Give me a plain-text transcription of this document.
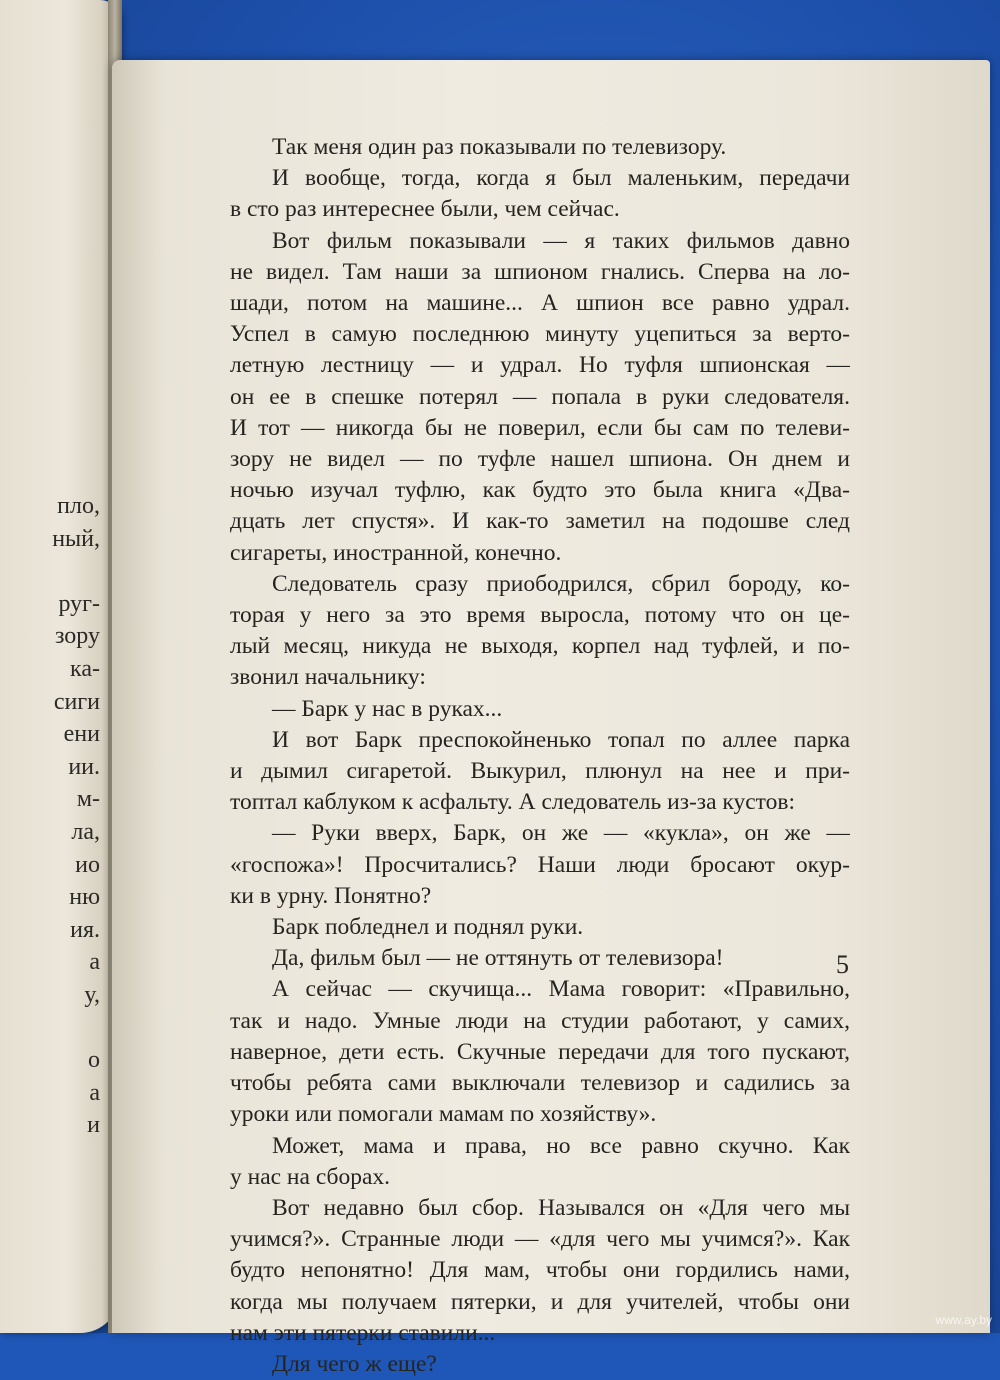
пло,
ный,

руг-
зору
ка-
сиги
ени
ии.
м-
ла,
ио
ню
ия.
а
у,

о
а
и
Так меня один раз показывали по телевизору.
И вообще, тогда, когда я был маленьким, передачи
в сто раз интереснее были, чем сейчас.
Вот фильм показывали — я таких фильмов давно
не видел. Там наши за шпионом гнались. Сперва на ло-
шади, потом на машине... А шпион все равно удрал.
Успел в самую последнюю минуту уцепиться за верто-
летную лестницу — и удрал. Но туфля шпионская —
он ее в спешке потерял — попала в руки следователя.
И тот — никогда бы не поверил, если бы сам по телеви-
зору не видел — по туфле нашел шпиона. Он днем и
ночью изучал туфлю, как будто это была книга «Два-
дцать лет спустя». И как-то заметил на подошве след
сигареты, иностранной, конечно.
Следователь сразу приободрился, сбрил бороду, ко-
торая у него за это время выросла, потому что он це-
лый месяц, никуда не выходя, корпел над туфлей, и по-
звонил начальнику:
— Барк у нас в руках...
И вот Барк преспокойненько топал по аллее парка
и дымил сигаретой. Выкурил, плюнул на нее и при-
топтал каблуком к асфальту. А следователь из-за кустов:
— Руки вверх, Барк, он же — «кукла», он же —
«госпожа»! Просчитались? Наши люди бросают окур-
ки в урну. Понятно?
Барк побледнел и поднял руки.
Да, фильм был — не оттянуть от телевизора!
А сейчас — скучища... Мама говорит: «Правильно,
так и надо. Умные люди на студии работают, у самих,
наверное, дети есть. Скучные передачи для того пускают,
чтобы ребята сами выключали телевизор и садились за
уроки или помогали мамам по хозяйству».
Может, мама и права, но все равно скучно. Как
у нас на сборах.
Вот недавно был сбор. Назывался он «Для чего мы
учимся?». Странные люди — «для чего мы учимся?». Как
будто непонятно! Для мам, чтобы они гордились нами,
когда мы получаем пятерки, и для учителей, чтобы они
нам эти пятерки ставили...
Для чего ж еще?
5
www.ay.by
